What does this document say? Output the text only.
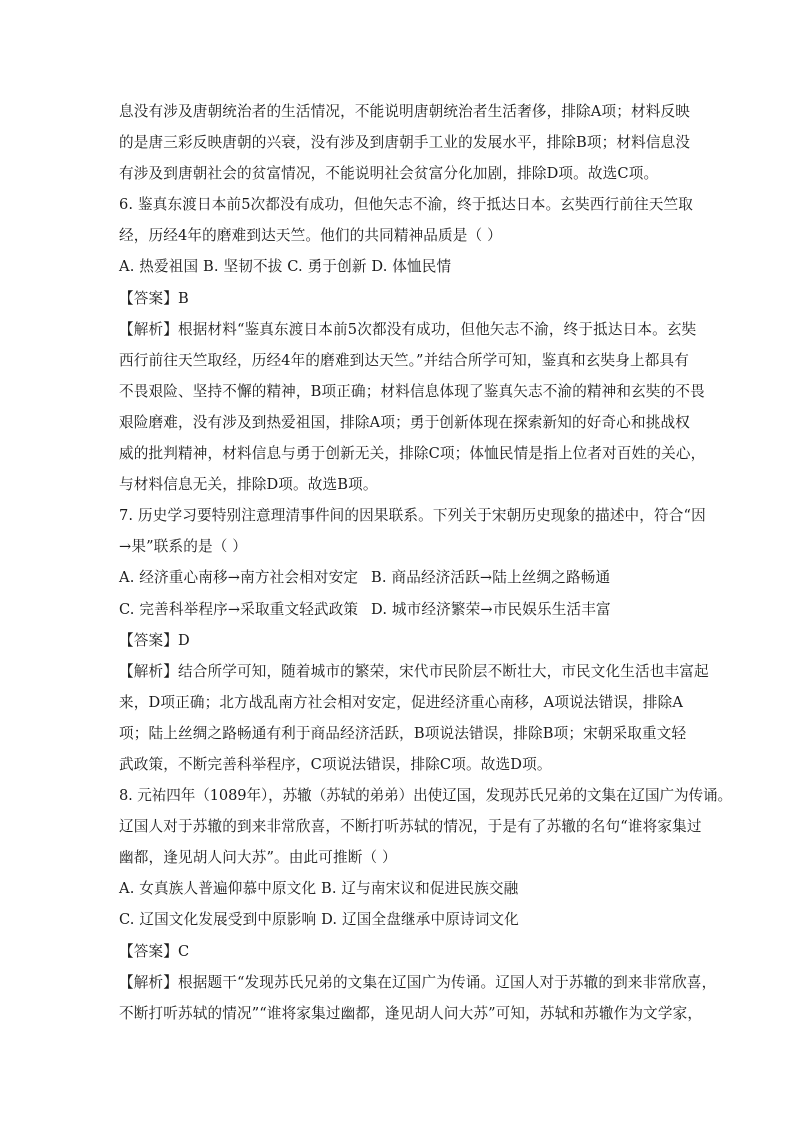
息没有涉及唐朝统治者的生活情况，不能说明唐朝统治者生活奢侈，排除A项；材料反映
的是唐三彩反映唐朝的兴衰，没有涉及到唐朝手工业的发展水平，排除B项；材料信息没
有涉及到唐朝社会的贫富情况，不能说明社会贫富分化加剧，排除D项。故选C项。
6. 鉴真东渡日本前5次都没有成功，但他矢志不渝，终于抵达日本。玄奘西行前往天竺取
经，历经4年的磨难到达天竺。他们的共同精神品质是（ ）
A. 热爱祖国 B. 坚韧不拔 C. 勇于创新 D. 体恤民情
【答案】B
【解析】根据材料“鉴真东渡日本前5次都没有成功，但他矢志不渝，终于抵达日本。玄奘
西行前往天竺取经，历经4年的磨难到达天竺。”并结合所学可知，鉴真和玄奘身上都具有
不畏艰险、坚持不懈的精神，B项正确；材料信息体现了鉴真矢志不渝的精神和玄奘的不畏
艰险磨难，没有涉及到热爱祖国，排除A项；勇于创新体现在探索新知的好奇心和挑战权
威的批判精神，材料信息与勇于创新无关，排除C项；体恤民情是指上位者对百姓的关心，
与材料信息无关，排除D项。故选B项。
7. 历史学习要特别注意理清事件间的因果联系。下列关于宋朝历史现象的描述中，符合“因
→果”联系的是（ ）
A. 经济重心南移→南方社会相对安定 B. 商品经济活跃→陆上丝绸之路畅通
C. 完善科举程序→采取重文轻武政策 D. 城市经济繁荣→市民娱乐生活丰富
【答案】D
【解析】结合所学可知，随着城市的繁荣，宋代市民阶层不断壮大，市民文化生活也丰富起
来，D项正确；北方战乱南方社会相对安定，促进经济重心南移，A项说法错误，排除A
项；陆上丝绸之路畅通有利于商品经济活跃，B项说法错误，排除B项；宋朝采取重文轻
武政策，不断完善科举程序，C项说法错误，排除C项。故选D项。
8. 元祐四年（1089年），苏辙（苏轼的弟弟）出使辽国，发现苏氏兄弟的文集在辽国广为传诵。
辽国人对于苏辙的到来非常欣喜，不断打听苏轼的情况，于是有了苏辙的名句“谁将家集过
幽都，逢见胡人问大苏”。由此可推断（ ）
A. 女真族人普遍仰慕中原文化 B. 辽与南宋议和促进民族交融
C. 辽国文化发展受到中原影响 D. 辽国全盘继承中原诗词文化
【答案】C
【解析】根据题干“发现苏氏兄弟的文集在辽国广为传诵。辽国人对于苏辙的到来非常欣喜，
不断打听苏轼的情况”“谁将家集过幽都，逢见胡人问大苏”可知，苏轼和苏辙作为文学家，
